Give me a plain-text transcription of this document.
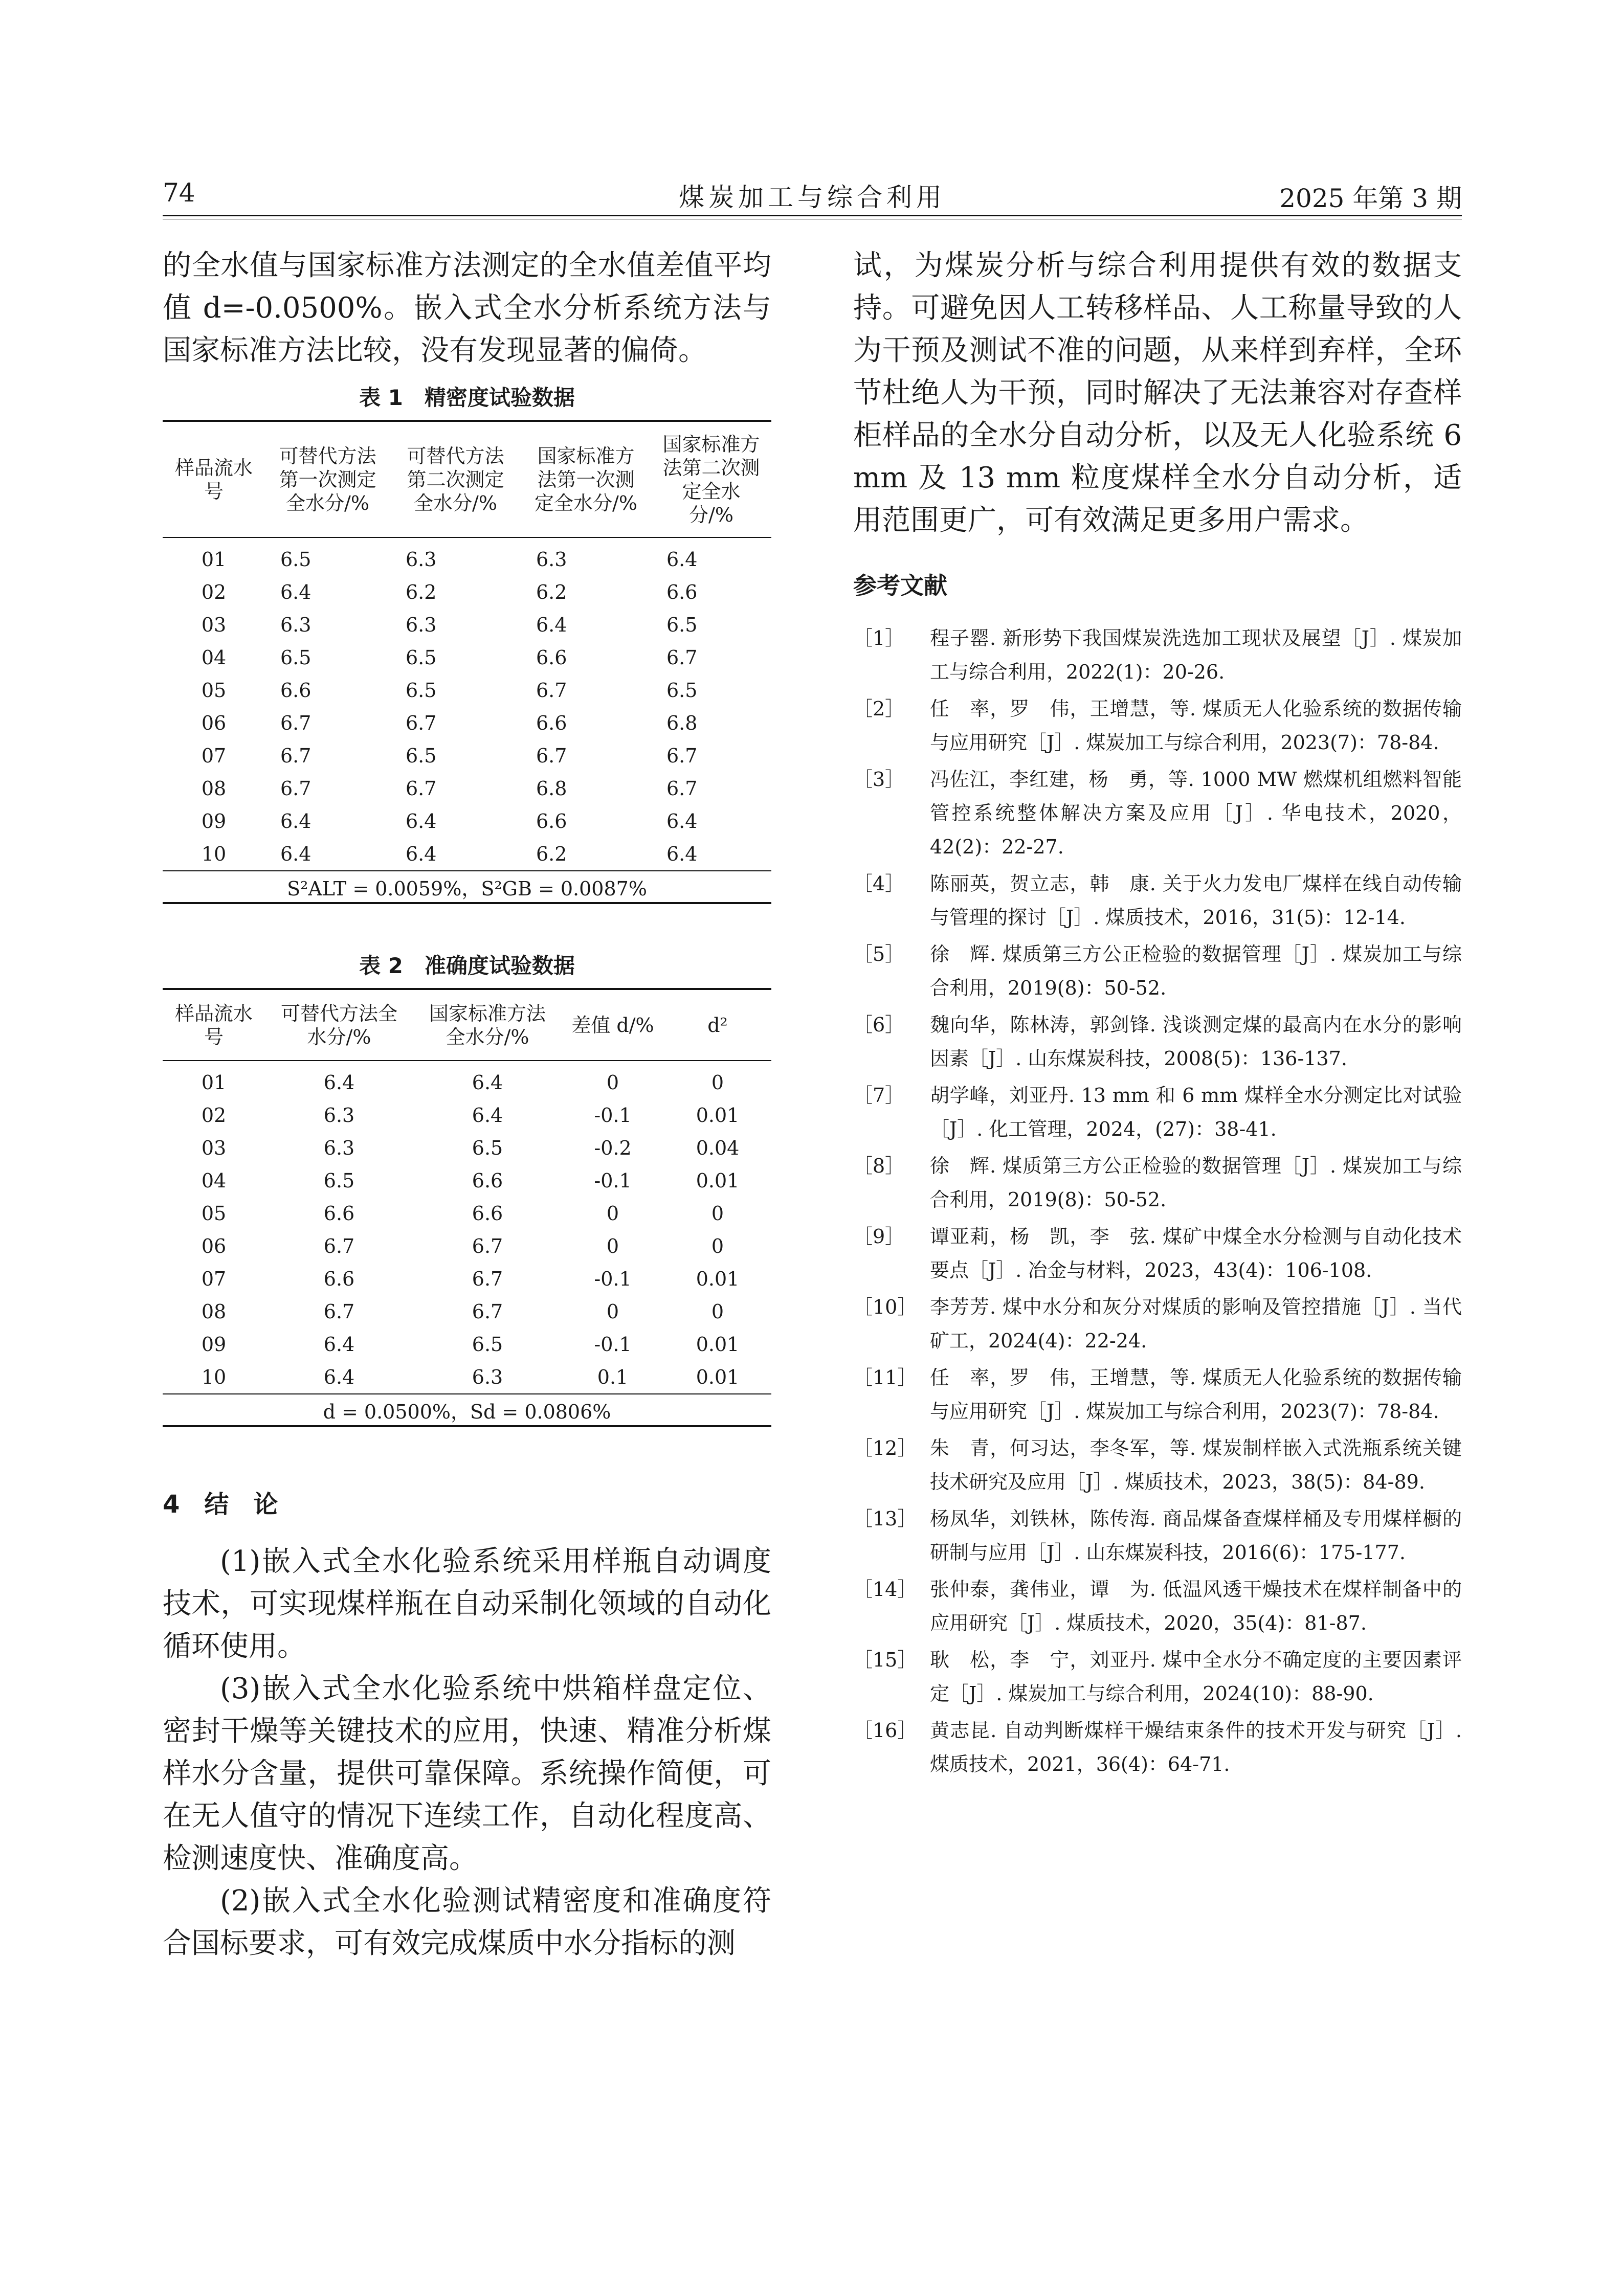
74	煤炭加工与综合利用	2025 年第 3 期

的全水值与国家标准方法测定的全水值差值平均值 d=-0.0500%。嵌入式全水分析系统方法与国家标准方法比较，没有发现显著的偏倚。

表 1　精密度试验数据

样品流水号	可替代方法第一次测定全水分/%	可替代方法第二次测定全水分/%	国家标准方法第一次测定全水分/%	国家标准方法第二次测定全水分/%
01	6.5	6.3	6.3	6.4
02	6.4	6.2	6.2	6.6
03	6.3	6.3	6.4	6.5
04	6.5	6.5	6.6	6.7
05	6.6	6.5	6.7	6.5
06	6.7	6.7	6.6	6.8
07	6.7	6.5	6.7	6.7
08	6.7	6.7	6.8	6.7
09	6.4	6.4	6.6	6.4
10	6.4	6.4	6.2	6.4
S²ALT = 0.0059%，S²GB = 0.0087%				

表 2　准确度试验数据

样品流水号	可替代方法全水分/%	国家标准方法全水分/%	差值 d/%	d²
01	6.4	6.4	0	0
02	6.3	6.4	-0.1	0.01
03	6.3	6.5	-0.2	0.04
04	6.5	6.6	-0.1	0.01
05	6.6	6.6	0	0
06	6.7	6.7	0	0
07	6.6	6.7	-0.1	0.01
08	6.7	6.7	0	0
09	6.4	6.5	-0.1	0.01
10	6.4	6.3	0.1	0.01
d = 0.0500%，Sd = 0.0806%				

4　结　论

(1)嵌入式全水化验系统采用样瓶自动调度技术，可实现煤样瓶在自动采制化领域的自动化循环使用。

(3)嵌入式全水化验系统中烘箱样盘定位、密封干燥等关键技术的应用，快速、精准分析煤样水分含量，提供可靠保障。系统操作简便，可在无人值守的情况下连续工作，自动化程度高、检测速度快、准确度高。

(2)嵌入式全水化验测试精密度和准确度符合国标要求，可有效完成煤质中水分指标的测

试，为煤炭分析与综合利用提供有效的数据支持。可避免因人工转移样品、人工称量导致的人为干预及测试不准的问题，从来样到弃样，全环节杜绝人为干预，同时解决了无法兼容对存查样柜样品的全水分自动分析，以及无人化验系统 6 mm 及 13 mm 粒度煤样全水分自动分析，适用范围更广，可有效满足更多用户需求。

参考文献

［1］	程子罂. 新形势下我国煤炭洗选加工现状及展望［J］. 煤炭加工与综合利用，2022(1)：20-26.
［2］	任　率，罗　伟，王增慧，等. 煤质无人化验系统的数据传输与应用研究［J］. 煤炭加工与综合利用，2023(7)：78-84.
［3］	冯佐江，李红建，杨　勇，等. 1000 MW 燃煤机组燃料智能管控系统整体解决方案及应用［J］. 华电技术，2020，42(2)：22-27.
［4］	陈丽英，贺立志，韩　康. 关于火力发电厂煤样在线自动传输与管理的探讨［J］. 煤质技术，2016，31(5)：12-14.
［5］	徐　辉. 煤质第三方公正检验的数据管理［J］. 煤炭加工与综合利用，2019(8)：50-52.
［6］	魏向华，陈林涛，郭剑锋. 浅谈测定煤的最高内在水分的影响因素［J］. 山东煤炭科技，2008(5)：136-137.
［7］	胡学峰，刘亚丹. 13 mm 和 6 mm 煤样全水分测定比对试验［J］. 化工管理，2024，(27)：38-41.
［8］	徐　辉. 煤质第三方公正检验的数据管理［J］. 煤炭加工与综合利用，2019(8)：50-52.
［9］	谭亚莉，杨　凯，李　弦. 煤矿中煤全水分检测与自动化技术要点［J］. 冶金与材料，2023，43(4)：106-108.
［10］ 李芳芳. 煤中水分和灰分对煤质的影响及管控措施［J］. 当代矿工，2024(4)：22-24.
［11］ 任　率，罗　伟，王增慧，等. 煤质无人化验系统的数据传输与应用研究［J］. 煤炭加工与综合利用，2023(7)：78-84.
［12］ 朱　青，何习达，李冬军，等. 煤炭制样嵌入式洗瓶系统关键技术研究及应用［J］. 煤质技术，2023，38(5)：84-89.
［13］ 杨凤华，刘铁林，陈传海. 商品煤备查煤样桶及专用煤样橱的研制与应用［J］. 山东煤炭科技，2016(6)：175-177.
［14］ 张仲泰，龚伟业，谭　为. 低温风透干燥技术在煤样制备中的应用研究［J］. 煤质技术，2020，35(4)：81-87.
［15］ 耿　松，李　宁，刘亚丹. 煤中全水分不确定度的主要因素评定［J］. 煤炭加工与综合利用，2024(10)：88-90.
［16］ 黄志昆. 自动判断煤样干燥结束条件的技术开发与研究［J］. 煤质技术，2021，36(4)：64-71.
